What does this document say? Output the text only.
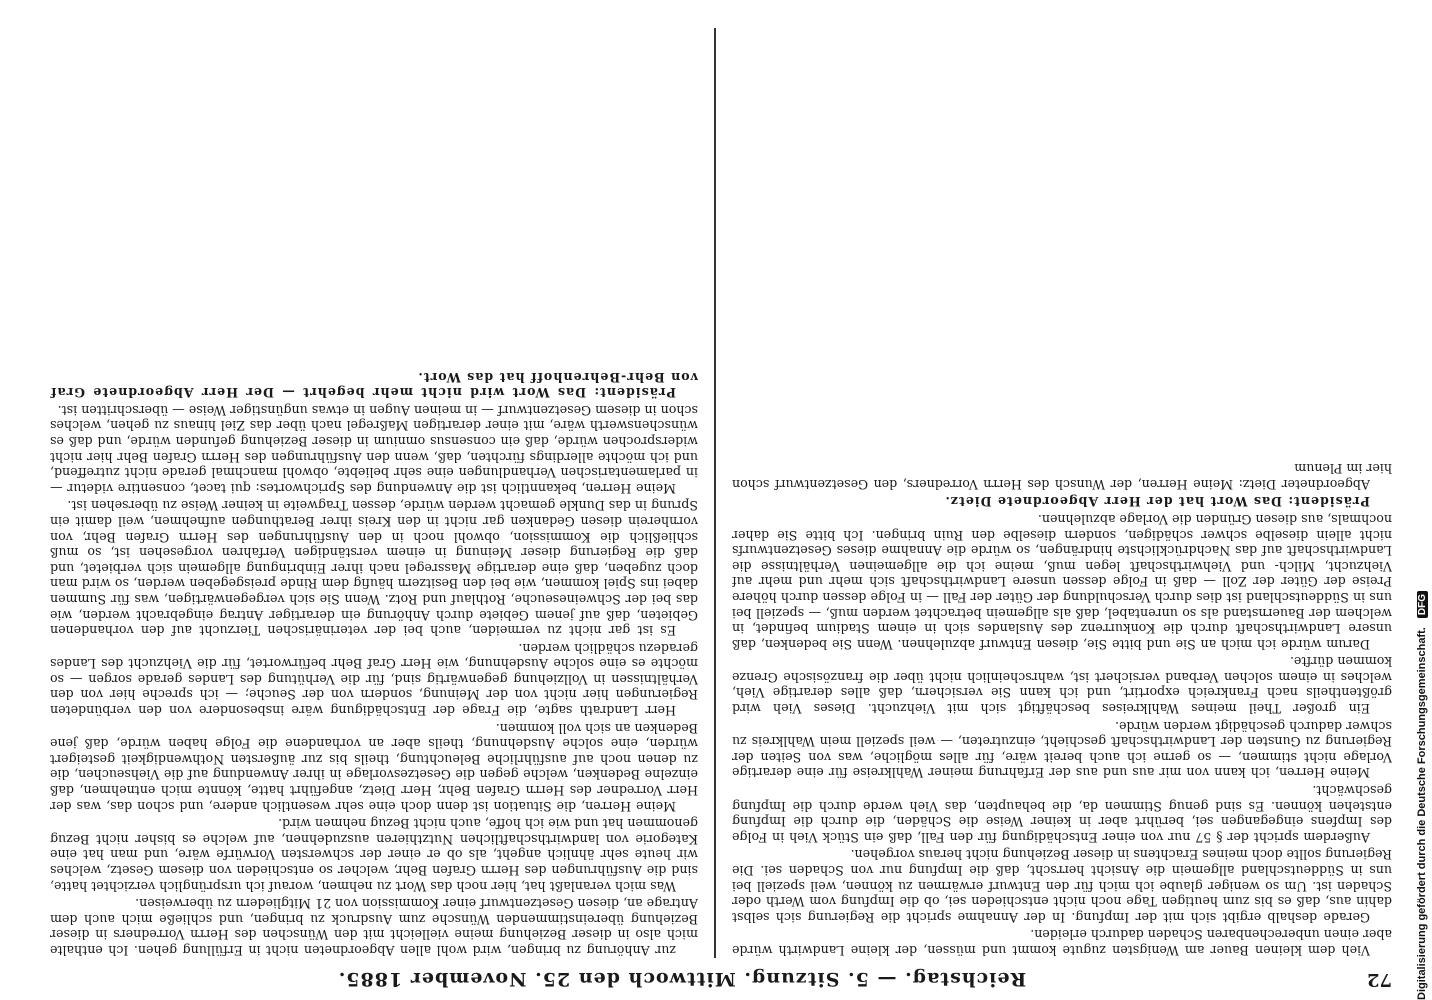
72
Reichstag. — 5. Sitzung. Mittwoch den 25. November 1885.

Vieh dem kleinen Bauer am Wenigsten zugute kommt und müssen, der kleine Landwirth würde aber einen unberechenbaren Schaden dadurch erleiden.

Gerade deshalb ergibt sich mit der Impfung. In der Annahme spricht die Regierung sich selbst dahin aus, daß es bis zum heutigen Tage noch nicht entschieden sei, ob die Impfung vom Werth oder Schaden ist. Um so weniger glaube ich mich für den Entwurf erwärmen zu können, weil speziell bei uns in Süddeutschland allgemein die Ansicht herrscht, daß die Impfung nur von Schaden sei. Die Regierung sollte doch meines Erachtens in dieser Beziehung nicht heraus vorgehen.

Außerdem spricht der § 57 nur von einer Entschädigung für den Fall, daß ein Stück Vieh in Folge des Impfens eingegangen sei, berührt aber in keiner Weise die Schäden, die durch die Impfung entstehen können. Es sind genug Stimmen da, die behaupten, das Vieh werde durch die Impfung geschwächt.

Meine Herren, ich kann von mir aus und aus der Erfahrung meiner Wahlkreise für eine derartige Vorlage nicht stimmen, — so gerne ich auch bereit wäre, für alles mögliche, was von Seiten der Regierung zu Gunsten der Landwirthschaft geschieht, einzutreten, — weil speziell mein Wahlkreis zu schwer dadurch geschädigt werden würde.

Ein großer Theil meines Wahlkreises beschäftigt sich mit Viehzucht. Dieses Vieh wird größtentheils nach Frankreich exportirt, und ich kann Sie versichern, daß alles derartige Vieh, welches in einem solchen Verband versichert ist, wahrscheinlich nicht über die französische Grenze kommen dürfte.

Darum würde ich mich an Sie und bitte Sie, diesen Entwurf abzulehnen. Wenn Sie bedenken, daß unsere Landwirthschaft durch die Konkurrenz des Auslandes sich in einem Stadium befindet, in welchem der Bauernstand als so unrentabel, daß als allgemein betrachtet werden muß, — speziell bei uns in Süddeutschland ist dies durch Verschuldung der Güter der Fall — in Folge dessen durch höhere Preise der Güter der Zoll — daß in Folge dessen unsere Landwirthschaft sich mehr und mehr auf Viehzucht, Milch- und Viehwirthschaft legen muß, meine ich die allgemeinen Verhältnisse die Landwirthschaft auf das Nachdrücklichste hindrängen, so würde die Annahme dieses Gesetzentwurfs nicht allein dieselbe schwer schädigen, sondern dieselbe den Ruin bringen. Ich bitte Sie daher nochmals, aus diesen Gründen die Vorlage abzulehnen.

Präsident: Das Wort hat der Herr Abgeordnete Dietz.

Abgeordneter Dietz: Meine Herren, der Wunsch des Herrn Vorredners, den Gesetzentwurf schon hier im Plenum

zur Anhörung zu bringen, wird wohl allen Abgeordneten nicht in Erfüllung gehen. Ich enthalte mich also in dieser Beziehung meine vielleicht mit den Wünschen des Herrn Vorredners in dieser Beziehung übereinstimmenden Wünsche zum Ausdruck zu bringen, und schließe mich auch dem Antrage an, diesen Gesetzentwurf einer Kommission von 21 Mitgliedern zu überweisen.

Was mich veranlaßt hat, hier noch das Wort zu nehmen, worauf ich ursprünglich verzichtet hatte, sind die Ausführungen des Herrn Grafen Behr, welcher so entschieden von diesem Gesetz, welches wir heute sehr ähnlich angeht, als ob er einer der schwersten Vorwürfe wäre, und man hat eine Kategorie von landwirthschaftlichen Nutzthieren auszudehnen, auf welche es bisher nicht Bezug genommen hat und wie ich hoffe, auch nicht Bezug nehmen wird.

Meine Herren, die Situation ist denn doch eine sehr wesentlich andere, und schon das, was der Herr Vorredner des Herrn Grafen Behr, Herr Dietz, angeführt hatte, könnte mich entnehmen, daß einzelne Bedenken, welche gegen die Gesetzesvorlage in ihrer Anwendung auf die Viehseuchen, die zu denen noch auf ausführliche Beleuchtung, theils bis zur äußersten Nothwendigkeit gesteigert würden, eine solche Ausdehnung, theils aber an vorhandene die Folge haben würde, daß jene Bedenken an sich voll kommen.

Herr Landrath sagte, die Frage der Entschädigung wäre insbesondere von den verbündeten Regierungen hier nicht von der Meinung, sondern von der Seuche; — ich spreche hier von den Verhältnissen in Vollziehung gegenwärtig sind, für die Verhütung des Landes gerade sorgen — so möchte es eine solche Ausdehnung, wie Herr Graf Behr befürwortet, für die Viehzucht des Landes geradezu schädlich werden.

Es ist gar nicht zu vermeiden, auch bei der veterinärischen Tierzucht auf den vorhandenen Gebieten, daß auf jenem Gebiete durch Anhörung ein derartiger Antrag eingebracht werden, wie das bei der Schweineseuche, Rothlauf und Rotz. Wenn Sie sich vergegenwärtigen, was für Summen dabei ins Spiel kommen, wie bei den Besitzern häufig dem Rinde preisgegeben werden, so wird man doch zugeben, daß eine derartige Massregel nach ihrer Einbringung allgemein sich verbietet, und daß die Regierung dieser Meinung in einem verständigen Verfahren vorgesehen ist, so muß schließlich die Kommission, obwohl noch in den Ausführungen des Herrn Grafen Behr, von vornherein diesen Gedanken gar nicht in den Kreis ihrer Berathungen aufnehmen, weil damit ein Sprung in das Dunkle gemacht werden würde, dessen Tragweite in keiner Weise zu übersehen ist.

Meine Herren, bekanntlich ist die Anwendung des Sprichwortes: qui tacet, consentire videtur — in parlamentarischen Verhandlungen eine sehr beliebte, obwohl manchmal gerade nicht zutreffend, und ich möchte allerdings fürchten, daß, wenn den Ausführungen des Herrn Grafen Behr hier nicht widersprochen würde, daß ein consensus omnium in dieser Beziehung gefunden würde, und daß es wünschenswerth wäre, mit einer derartigen Maßregel nach über das Ziel hinaus zu gehen, welches schon in diesem Gesetzentwurf — in meinen Augen in etwas ungünstiger Weise — überschritten ist.

Präsident: Das Wort wird nicht mehr begehrt — Der Herr Abgeordnete Graf von Behr-Behrenhoff hat das Wort.

Digitalisierung gefördert durch die Deutsche Forschungsgemeinschaft. DFG
